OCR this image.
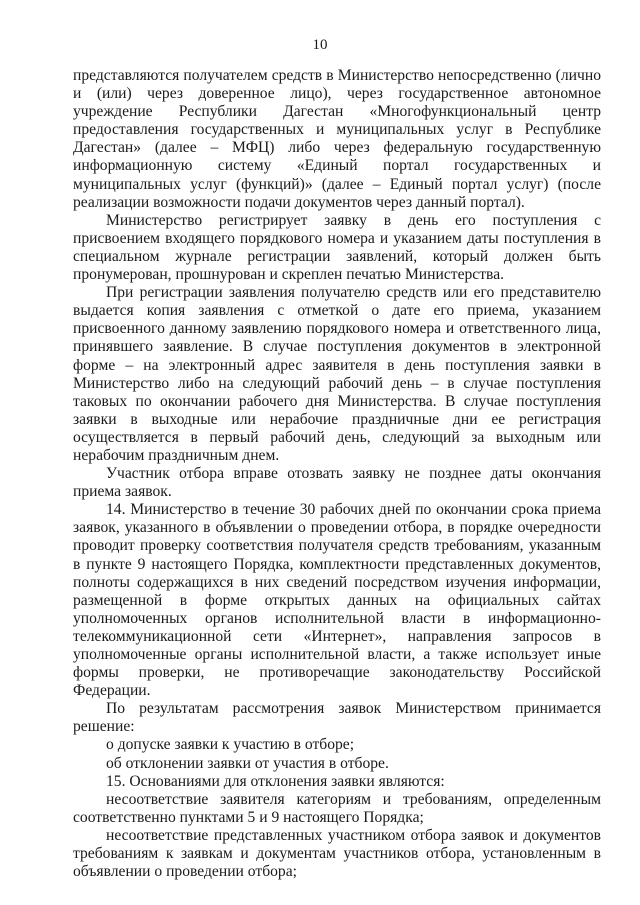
10

представляются получателем средств в Министерство непосредственно (лично и (или) через доверенное лицо), через государственное автономное учреждение Республики Дагестан «Многофункциональный центр предоставления государственных и муниципальных услуг в Республике Дагестан» (далее – МФЦ) либо через федеральную государственную информационную систему «Единый портал государственных и муниципальных услуг (функций)» (далее – Единый портал услуг) (после реализации возможности подачи документов через данный портал).

Министерство регистрирует заявку в день его поступления с присвоением входящего порядкового номера и указанием даты поступления в специальном журнале регистрации заявлений, который должен быть пронумерован, прошнурован и скреплен печатью Министерства.

При регистрации заявления получателю средств или его представителю выдается копия заявления с отметкой о дате его приема, указанием присвоенного данному заявлению порядкового номера и ответственного лица, принявшего заявление. В случае поступления документов в электронной форме – на электронный адрес заявителя в день поступления заявки в Министерство либо на следующий рабочий день – в случае поступления таковых по окончании рабочего дня Министерства. В случае поступления заявки в выходные или нерабочие праздничные дни ее регистрация осуществляется в первый рабочий день, следующий за выходным или нерабочим праздничным днем.

Участник отбора вправе отозвать заявку не позднее даты окончания приема заявок.

14. Министерство в течение 30 рабочих дней по окончании срока приема заявок, указанного в объявлении о проведении отбора, в порядке очередности проводит проверку соответствия получателя средств требованиям, указанным в пункте 9 настоящего Порядка, комплектности представленных документов, полноты содержащихся в них сведений посредством изучения информации, размещенной в форме открытых данных на официальных сайтах уполномоченных органов исполнительной власти в информационно-телекоммуникационной сети «Интернет», направления запросов в уполномоченные органы исполнительной власти, а также использует иные формы проверки, не противоречащие законодательству Российской Федерации.

По результатам рассмотрения заявок Министерством принимается решение:

о допуске заявки к участию в отборе;

об отклонении заявки от участия в отборе.

15. Основаниями для отклонения заявки являются:

несоответствие заявителя категориям и требованиям, определенным соответственно пунктами 5 и 9 настоящего Порядка;

несоответствие представленных участником отбора заявок и документов требованиям к заявкам и документам участников отбора, установленным в объявлении о проведении отбора;
